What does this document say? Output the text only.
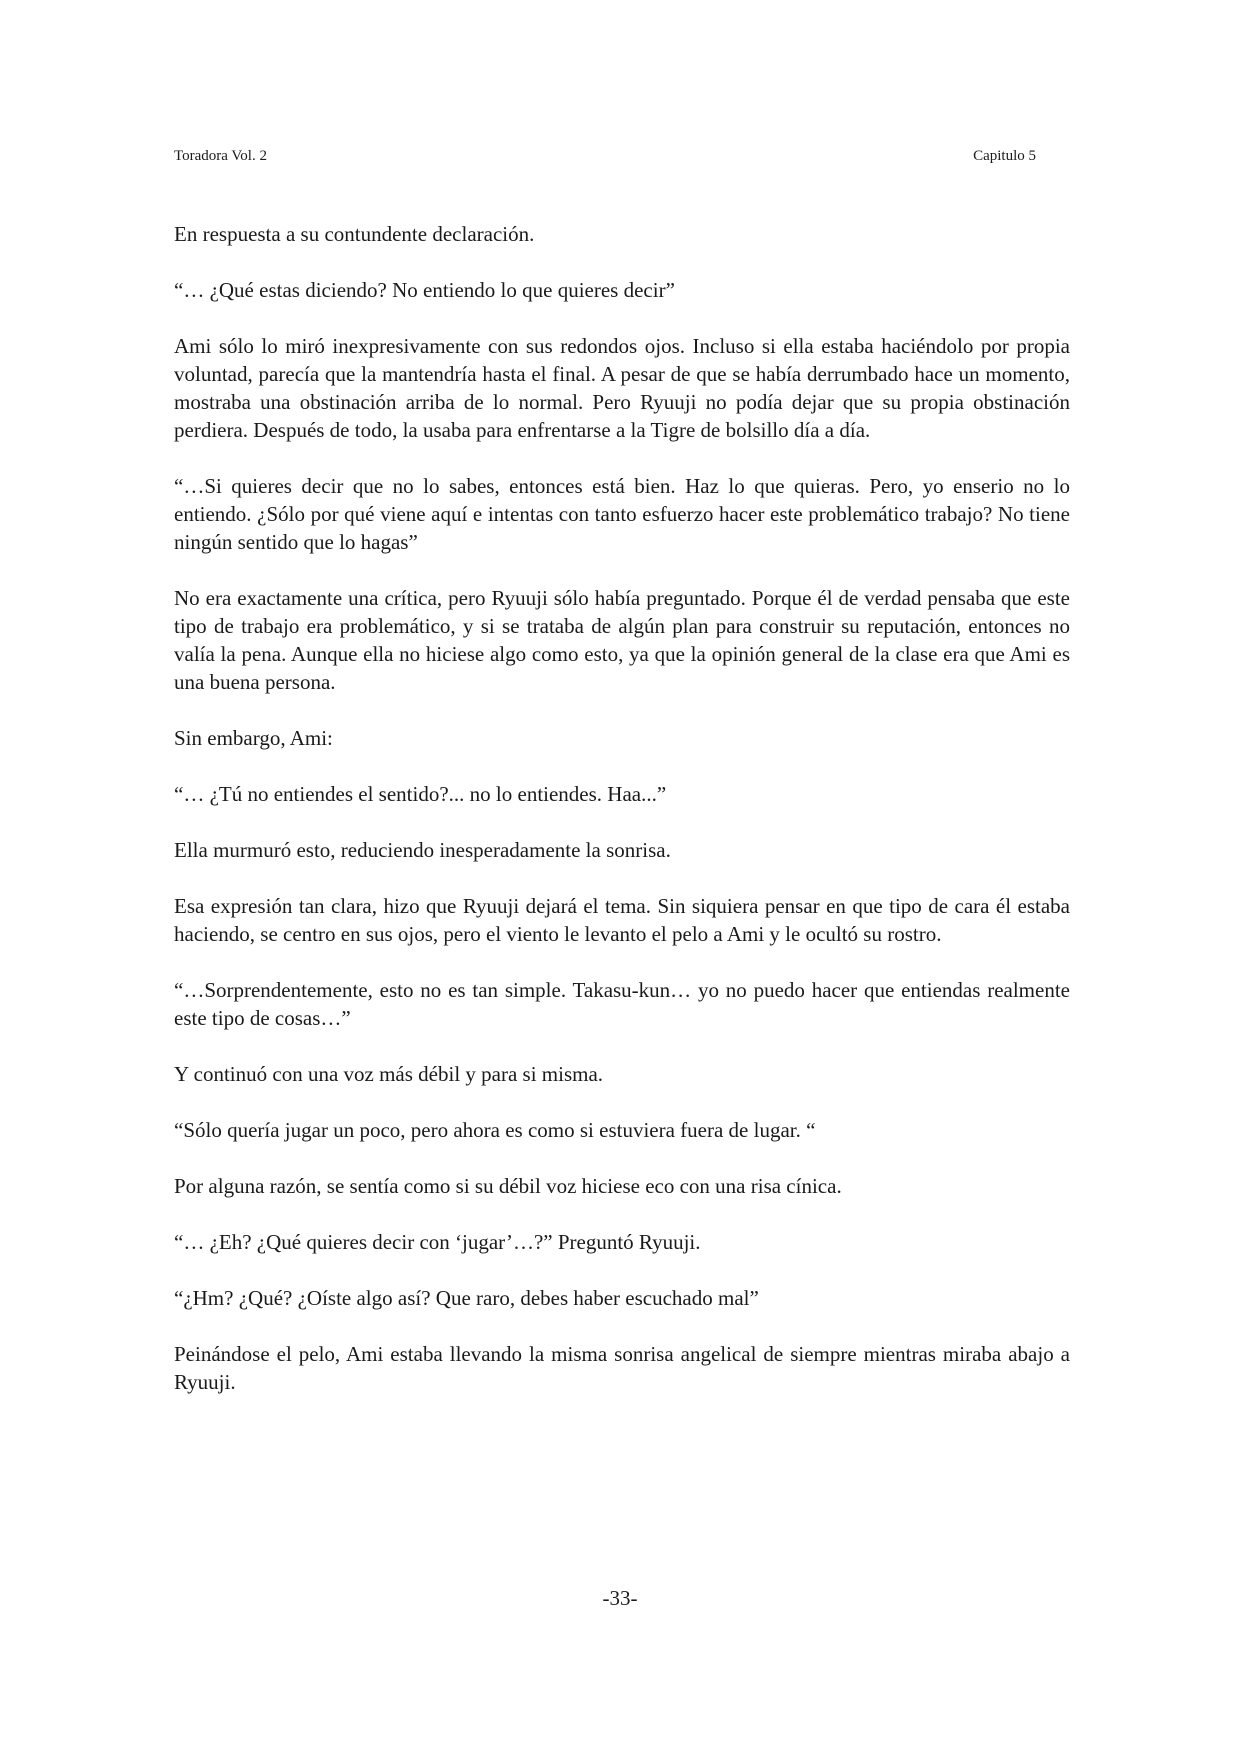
Toradora Vol. 2	Capitulo 5

En respuesta a su contundente declaración.

“… ¿Qué estas diciendo? No entiendo lo que quieres decir”

Ami sólo lo miró inexpresivamente con sus redondos ojos. Incluso si ella estaba haciéndolo por propia voluntad, parecía que la mantendría hasta el final. A pesar de que se había derrumbado hace un momento, mostraba una obstinación arriba de lo normal. Pero Ryuuji no podía dejar que su propia obstinación perdiera. Después de todo, la usaba para enfrentarse a la Tigre de bolsillo día a día.

“…Si quieres decir que no lo sabes, entonces está bien. Haz lo que quieras. Pero, yo enserio no lo entiendo. ¿Sólo por qué viene aquí e intentas con tanto esfuerzo hacer este problemático trabajo? No tiene ningún sentido que lo hagas”

No era exactamente una crítica, pero Ryuuji sólo había preguntado. Porque él de verdad pensaba que este tipo de trabajo era problemático, y si se trataba de algún plan para construir su reputación, entonces no valía la pena. Aunque ella no hiciese algo como esto, ya que la opinión general de la clase era que Ami es una buena persona.

Sin embargo, Ami:

“… ¿Tú no entiendes el sentido?... no lo entiendes. Haa...”

Ella murmuró esto, reduciendo inesperadamente la sonrisa.

Esa expresión tan clara, hizo que Ryuuji dejará el tema. Sin siquiera pensar en que tipo de cara él estaba haciendo, se centro en sus ojos, pero el viento le levanto el pelo a Ami y le ocultó su rostro.

“…Sorprendentemente, esto no es tan simple. Takasu-kun… yo no puedo hacer que entiendas realmente este tipo de cosas…”

Y continuó con una voz más débil y para si misma.

“Sólo quería jugar un poco, pero ahora es como si estuviera fuera de lugar. “

Por alguna razón, se sentía como si su débil voz hiciese eco con una risa cínica.

“… ¿Eh? ¿Qué quieres decir con ‘jugar’…?” Preguntó Ryuuji.

“¿Hm? ¿Qué? ¿Oíste algo así? Que raro, debes haber escuchado mal”

Peinándose el pelo, Ami estaba llevando la misma sonrisa angelical de siempre mientras miraba abajo a Ryuuji.

-33-
